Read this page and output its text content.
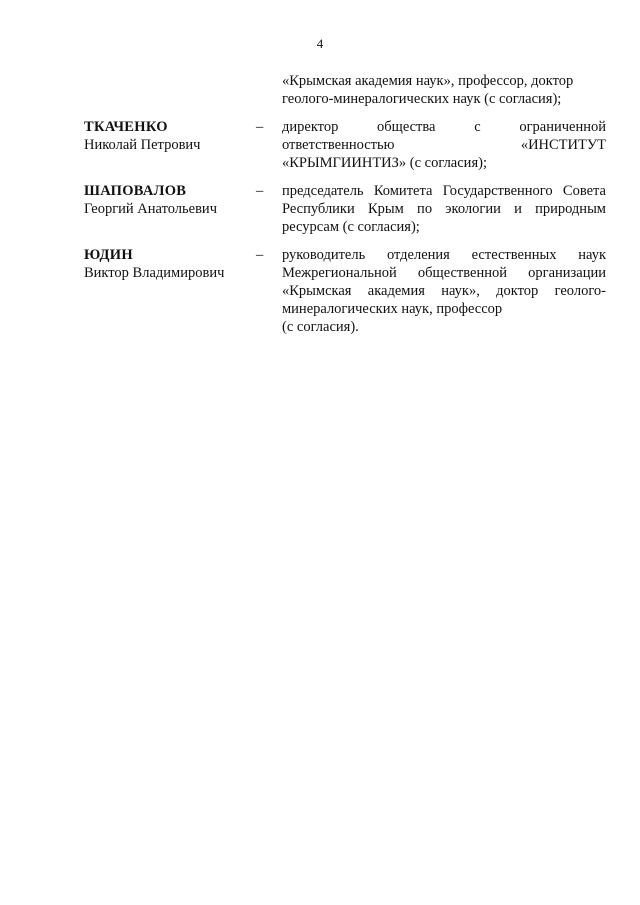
4
«Крымская академия наук», профессор, доктор
геолого-минералогических наук (с согласия);
ТКАЧЕНКО
Николай Петрович
– директор общества с ограниченной
ответственностью «ИНСТИТУТ
«КРЫМГИИНТИЗ» (с согласия);
ШАПОВАЛОВ
Георгий Анатольевич
– председатель Комитета Государственного Совета
Республики Крым по экологии и природным
ресурсам (с согласия);
ЮДИН
Виктор Владимирович
– руководитель отделения естественных наук
Межрегиональной общественной организации
«Крымская академия наук», доктор геолого-
минералогических наук, профессор
(с согласия).
